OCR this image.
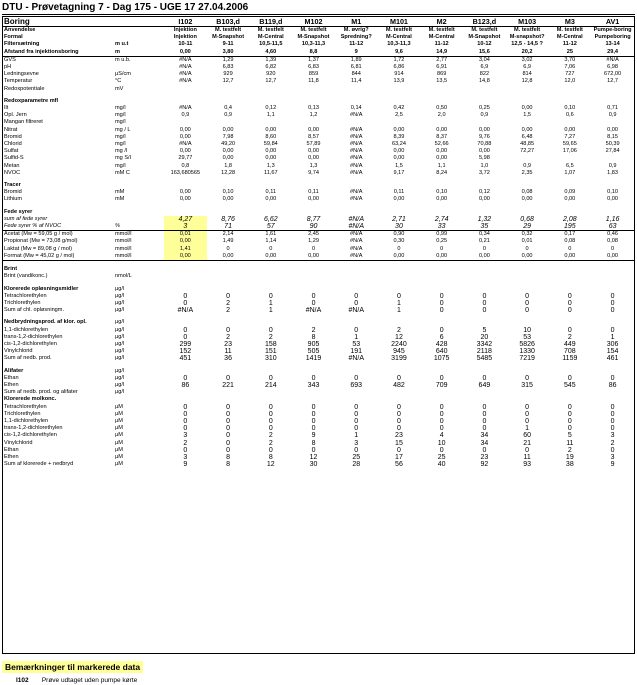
DTU - Prøvetagning 7 - Dag 175 - UGE 17 27.04.2006
Boring		I102	B103,d	B119,d	M102	M1	M101	M2	B123,d	M103	M3	AV1
Anvendelse		Injektion	M. testfelt	M. testfelt	M. testfelt	M. øvrig?	M. testfelt	M. testfelt	M. testfelt	M. testfelt	M. testfelt	Pumpe-boring
Formal		Injektion	M-Snapshot	M-Central	M-Snapshot	Spredning?	M-Central	M-Central	M-Snapshot	M-snapshot?	M-Central	Pumpeboring
Filtersætning	m u.t	10-11	9-11	10,5-11,5	10,3-11,3	11-12	10,3-11,3	11-12	10-12	12,5 - 14,5 ?	11-12	13-14
Afstand fra injektionsboring	m	0,00	3,80	4,60	8,8	9	9,6	14,9	15,6	20,2	25	29,4
GVS	m u.b.	#N/A	1,29	1,39	1,37	1,89	1,72	2,77	3,04	3,02	3,70	#N/A
pH		#N/A	6,83	6,82	6,83	6,81	6,86	6,91	6,9	6,9	7,06	6,98
Ledningsevne	µS/cm	#N/A	929	920	859	844	914	869	822	814	727	672,00
Temperatur	°C	#N/A	12,7	12,7	11,8	11,4	13,9	13,5	14,8	12,8	12,0	12,7
Redoxpotentiale	mV											

Redoxparametre mfl												
Ilt	mg/l	#N/A	0,4	0,12	0,13	0,14	0,42	0,50	0,25	0,00	0,10	0,71
Opl. Jern	mg/l	0,9	0,9	1,1	1,2	#N/A	2,5	2,0	0,9	1,5	0,6	0,9
Mangan filtreret	mg/l											
Nitrat	mg / L	0,00	0,00	0,00	0,00	#N/A	0,00	0,00	0,00	0,00	0,00	0,00
Bromid	mg/l	0,00	7,98	8,60	8,57	#N/A	8,39	8,37	9,76	6,48	7,27	8,15
Chlorid	mg/l	#N/A	49,20	59,84	57,89	#N/A	63,24	52,66	70,88	48,85	59,65	50,39
Sulfat	mg /l	0,00	0,00	0,00	0,00	#N/A	0,00	0,00	0,00	72,27	17,06	27,84
Sulfid-S	mg S/l	29,77	0,00	0,00	0,00	#N/A	0,00	0,00	5,98			
Metan	mg/l	0,8	1,8	1,3	1,3	#N/A	1,5	1,1	1,0	0,9	6,5	0,9
NVOC	mM C	163,680565	12,28	11,67	9,74	#N/A	9,17	8,24	3,72	2,35	1,07	1,83

Tracer												
Bromid	mM	0,00	0,10	0,11	0,11	#N/A	0,11	0,10	0,12	0,08	0,09	0,10
Lithium	mM	0,00	0,00	0,00	0,00	#N/A	0,00	0,00	0,00	0,00	0,00	0,00

Fede syrer												
sum af fede syrer		4,27	8,76	6,62	8,77	#N/A	2,71	2,74	1,32	0,68	2,08	1,16
Fede syrer % af NVOC	%	3	71	57	90	#N/A	30	33	35	29	195	63
Acetat (Mw = 59,05 g / mol)	mmol/l	0,01	2,14	1,61	2,45	#N/A	0,90	0,99	0,34	0,32	0,17	0,46
Propionat (Mw = 73,08 g/mol)	mmol/l	0,00	1,49	1,14	1,29	#N/A	0,30	0,25	0,21	0,01	0,08	0,08
Laktat (Mw = 89,08 g / mol)	mmol/l	1,41	0	0	0	#N/A	0	0	0	0	0	0
Format (Mw = 45,02 g / mol)	mmol/l	0,00	0,00	0,00	0,00	#N/A	0,00	0,00	0,00	0,00	0,00	0,00

Brint												
Brint (vandikonc.)	nmol/L											

Klorerede opløsningsmidler	µg/l											
Tetrachlorethylen	µg/l	0	0	0	0	0	0	0	0	0	0	0
Trichlorethylen	µg/l	0	2	1	0	0	1	0	0	0	0	0
Sum af chl. opløsningm.	µg/l	#N/A	2	1	#N/A	#N/A	1	0	0	0	0	0

Nedbrydningsprod. af klor. opl.	µg/l											
1,1-dichlorethylen	µg/l	0	0	0	2	0	2	0	5	10	0	0
trans-1,2-dichlorethylen	µg/l	0	2	2	8	1	12	6	20	53	2	1
cis-1,2-dichlorethylen	µg/l	299	23	158	905	53	2240	428	3342	5826	449	306
Vinylchlorid	µg/l	152	11	151	505	191	945	640	2118	1330	708	154
Sum af nedb. prod.	µg/l	451	36	310	1419	#N/A	3199	1075	5485	7219	1159	461

Alifater	µg/l											
Ethan	µg/l	0	0	0	0	0	0	0	0	0	0	0
Ethen	µg/l	86	221	214	343	693	482	709	649	315	545	86
Sum af nedb. prod. og alifater	µg/l											
Klorerede molkonc.												
Tetrachlorethylen	µM	0	0	0	0	0	0	0	0	0	0	0
Trichlorethylen	µM	0	0	0	0	0	0	0	0	0	0	0
1,1-dichlorethylen	µM	0	0	0	0	0	0	0	0	0	0	0
trans-1,2-dichlorethylen	µM	0	0	0	0	0	0	0	0	1	0	0
cis-1,2-dichlorethylen	µM	3	0	2	9	1	23	4	34	60	5	3
Vinylchlorid	µM	2	0	2	8	3	15	10	34	21	11	2
Ethan	µM	0	0	0	0	0	0	0	0	0	2	0
Ethen	µM	3	8	8	12	25	17	25	23	11	19	3
Sum af klorerede + nedbryd	µM	9	8	12	30	28	56	40	92	93	38	9
Bemærkninger til markerede data
I102 Prøve udtaget uden pumpe kørte
